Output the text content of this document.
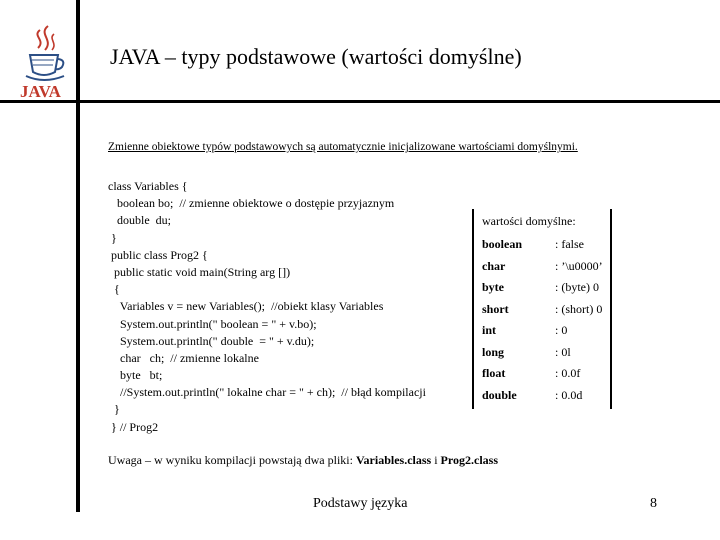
JAVA
JAVA – typy podstawowe (wartości domyślne)
Zmienne obiektowe typów podstawowych są automatycznie inicjalizowane wartościami domyślnymi.
class Variables {
boolean bo;  // zmienne obiektowe o dostępie przyjaznym
double  du;
}
public class Prog2 {
public static void main(String arg [])
{
Variables v = new Variables();  //obiekt klasy Variables
System.out.println(" boolean = " + v.bo);
System.out.println(" double  = " + v.du);
char   ch;  // zmienne lokalne
byte   bt;
//System.out.println(" lokalne char = " + ch);  // błąd kompilacji
}
} // Prog2
wartości domyślne:
boolean	: false
char	: ’\u0000’
byte	: (byte) 0
short	: (short) 0
int	: 0
long	: 0l
float	: 0.0f
double	: 0.0d
Uwaga – w wyniku kompilacji powstają dwa pliki: Variables.class i Prog2.class
Podstawy języka	8
